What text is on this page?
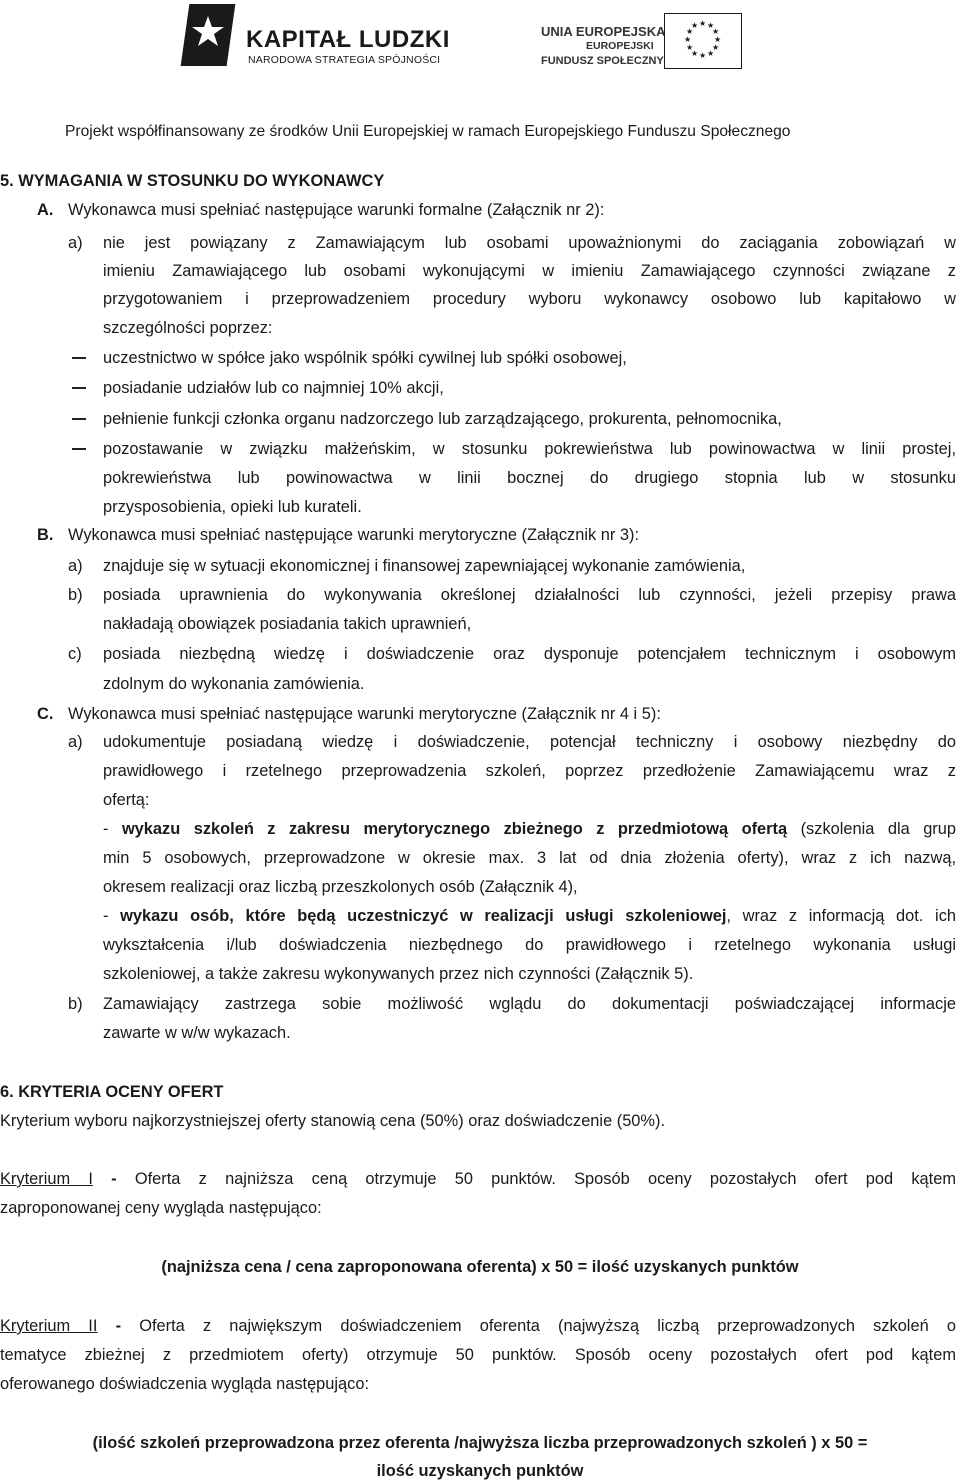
KAPITAŁ LUDZKI
NARODOWA STRATEGIA SPÓJNOŚCI
UNIA EUROPEJSKA
EUROPEJSKI
FUNDUSZ SPOŁECZNY
★ ★
★
★
★
★
★
★
★
★
★
★
Projekt współfinansowany ze środków Unii Europejskiej w ramach Europejskiego Funduszu Społecznego
5. WYMAGANIA W STOSUNKU DO WYKONAWCY
A. Wykonawca musi spełniać następujące warunki formalne (Załącznik nr 2):
a) nie jest powiązany z Zamawiającym lub osobami upoważnionymi do zaciągania zobowiązań w
imieniu Zamawiającego lub osobami wykonującymi w imieniu Zamawiającego czynności związane z
przygotowaniem i przeprowadzeniem procedury wyboru wykonawcy osobowo lub kapitałowo w
szczególności poprzez:
uczestnictwo w spółce jako wspólnik spółki cywilnej lub spółki osobowej,
posiadanie udziałów lub co najmniej 10% akcji,
pełnienie funkcji członka organu nadzorczego lub zarządzającego, prokurenta, pełnomocnika,
pozostawanie w związku małżeńskim, w stosunku pokrewieństwa lub powinowactwa w linii prostej,
pokrewieństwa lub powinowactwa w linii bocznej do drugiego stopnia lub w stosunku
przysposobienia, opieki lub kurateli.
B. Wykonawca musi spełniać następujące warunki merytoryczne (Załącznik nr 3):
a) znajduje się w sytuacji ekonomicznej i finansowej zapewniającej wykonanie zamówienia,
b) posiada uprawnienia do wykonywania określonej działalności lub czynności, jeżeli przepisy prawa
nakładają obowiązek posiadania takich uprawnień,
c) posiada niezbędną wiedzę i doświadczenie oraz dysponuje potencjałem technicznym i osobowym
zdolnym do wykonania zamówienia.
C. Wykonawca musi spełniać następujące warunki merytoryczne (Załącznik nr 4 i 5):
a) udokumentuje posiadaną wiedzę i doświadczenie, potencjał techniczny i osobowy niezbędny do
prawidłowego i rzetelnego przeprowadzenia szkoleń, poprzez przedłożenie Zamawiającemu wraz z
ofertą:
- wykazu szkoleń z zakresu merytorycznego zbieżnego z przedmiotową ofertą (szkolenia dla grup
min 5 osobowych, przeprowadzone w okresie max. 3 lat od dnia złożenia oferty), wraz z ich nazwą,
okresem realizacji oraz liczbą przeszkolonych osób (Załącznik 4),
- wykazu osób, które będą uczestniczyć w realizacji usługi szkoleniowej, wraz z informacją dot. ich
wykształcenia i/lub doświadczenia niezbędnego do prawidłowego i rzetelnego wykonania usługi
szkoleniowej, a także zakresu wykonywanych przez nich czynności (Załącznik 5).
b) Zamawiający zastrzega sobie możliwość wglądu do dokumentacji poświadczającej informacje
zawarte w w/w wykazach.
6. KRYTERIA OCENY OFERT
Kryterium wyboru najkorzystniejszej oferty stanowią cena (50%) oraz doświadczenie (50%).
Kryterium I - Oferta z najniższa ceną otrzymuje 50 punktów. Sposób oceny pozostałych ofert pod kątem
zaproponowanej ceny wygląda następująco:
(najniższa cena / cena zaproponowana oferenta) x 50 = ilość uzyskanych punktów
Kryterium II - Oferta z największym doświadczeniem oferenta (najwyższą liczbą przeprowadzonych szkoleń o
tematyce zbieżnej z przedmiotem oferty) otrzymuje 50 punktów. Sposób oceny pozostałych ofert pod kątem
oferowanego doświadczenia wygląda następująco:
(ilość szkoleń przeprowadzona przez oferenta /najwyższa liczba przeprowadzonych szkoleń ) x 50 =
ilość uzyskanych punktów
